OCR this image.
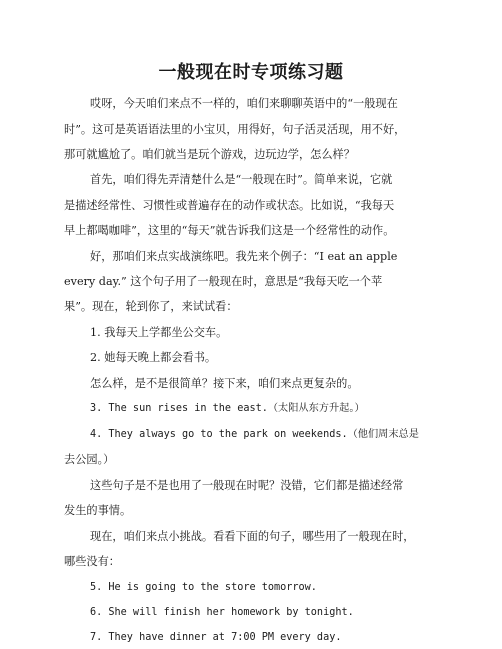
一般现在时专项练习题
哎呀，今天咱们来点不一样的，咱们来聊聊英语中的“一般现在
时”。这可是英语语法里的小宝贝，用得好，句子活灵活现，用不好，
那可就尴尬了。咱们就当是玩个游戏，边玩边学，怎么样？
首先，咱们得先弄清楚什么是“一般现在时”。简单来说，它就
是描述经常性、习惯性或普遍存在的动作或状态。比如说，“我每天
早上都喝咖啡”，这里的“每天”就告诉我们这是一个经常性的动作。
好，那咱们来点实战演练吧。我先来个例子：“I eat an apple
every day.” 这个句子用了一般现在时，意思是“我每天吃一个苹
果”。现在，轮到你了，来试试看：
1. 我每天上学都坐公交车。
2. 她每天晚上都会看书。
怎么样，是不是很简单？接下来，咱们来点更复杂的。
3. The sun rises in the east.（太阳从东方升起。）
4. They always go to the park on weekends.（他们周末总是
去公园。）
这些句子是不是也用了一般现在时呢？没错，它们都是描述经常
发生的事情。
现在，咱们来点小挑战。看看下面的句子，哪些用了一般现在时，
哪些没有：
5. He is going to the store tomorrow.
6. She will finish her homework by tonight.
7. They have dinner at 7:00 PM every day.
